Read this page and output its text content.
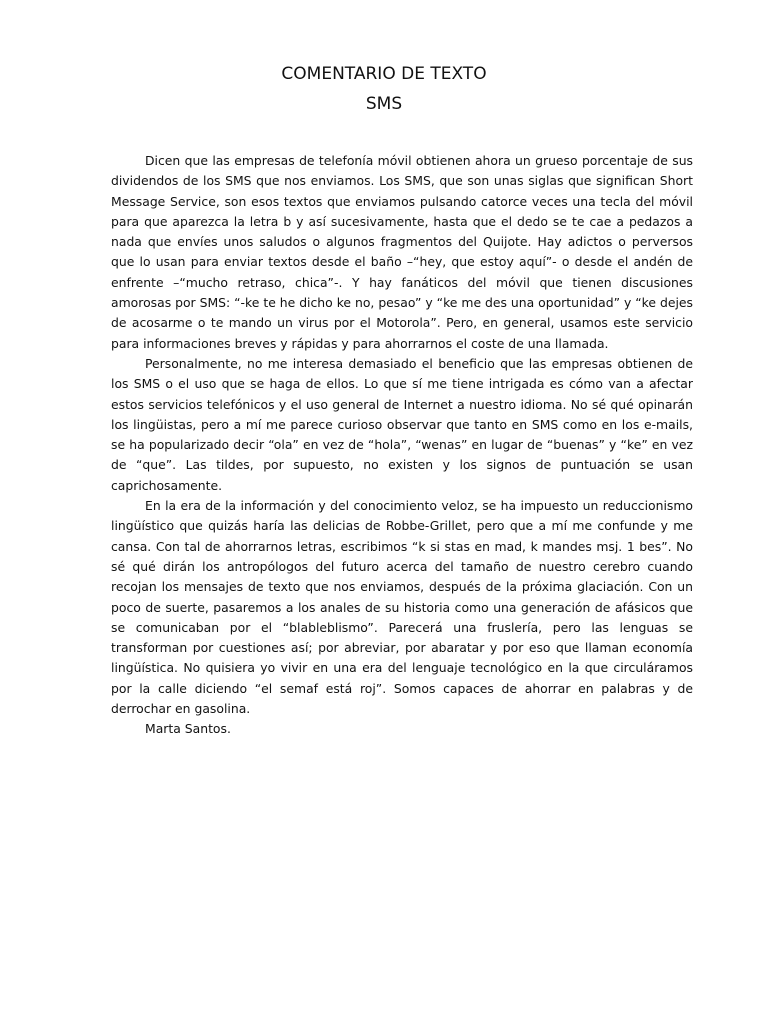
COMENTARIO DE TEXTO
SMS

Dicen que las empresas de telefonía móvil obtienen ahora un grueso porcentaje de sus dividendos de los SMS que nos enviamos. Los SMS, que son unas siglas que significan Short Message Service, son esos textos que enviamos pulsando catorce veces una tecla del móvil para que aparezca la letra b y así sucesivamente, hasta que el dedo se te cae a pedazos a nada que envíes unos saludos o algunos fragmentos del Quijote. Hay adictos o perversos que lo usan para enviar textos desde el baño –“hey, que estoy aquí”- o desde el andén de enfrente –“mucho retraso, chica”-. Y hay fanáticos del móvil que tienen discusiones amorosas por SMS: “-ke te he dicho ke no, pesao” y “ke me des una oportunidad” y “ke dejes de acosarme o te mando un virus por el Motorola”. Pero, en general, usamos este servicio para informaciones breves y rápidas y para ahorrarnos el coste de una llamada.

Personalmente, no me interesa demasiado el beneficio que las empresas obtienen de los SMS o el uso que se haga de ellos. Lo que sí me tiene intrigada es cómo van a afectar estos servicios telefónicos y el uso general de Internet a nuestro idioma. No sé qué opinarán los lingüistas, pero a mí me parece curioso observar que tanto en SMS como en los e-mails, se ha popularizado decir “ola” en vez de “hola”, “wenas” en lugar de “buenas” y “ke” en vez de “que”. Las tildes, por supuesto, no existen y los signos de puntuación se usan caprichosamente.

En la era de la información y del conocimiento veloz, se ha impuesto un reduccionismo lingüístico que quizás haría las delicias de Robbe-Grillet, pero que a mí me confunde y me cansa. Con tal de ahorrarnos letras, escribimos “k si stas en mad, k mandes msj. 1 bes”. No sé qué dirán los antropólogos del futuro acerca del tamaño de nuestro cerebro cuando recojan los mensajes de texto que nos enviamos, después de la próxima glaciación. Con un poco de suerte, pasaremos a los anales de su historia como una generación de afásicos que se comunicaban por el “blableblismo”. Parecerá una fruslería, pero las lenguas se transforman por cuestiones así; por abreviar, por abaratar y por eso que llaman economía lingüística. No quisiera yo vivir en una era del lenguaje tecnológico en la que circuláramos por la calle diciendo “el semaf está roj”. Somos capaces de ahorrar en palabras y de derrochar en gasolina.

Marta Santos.
